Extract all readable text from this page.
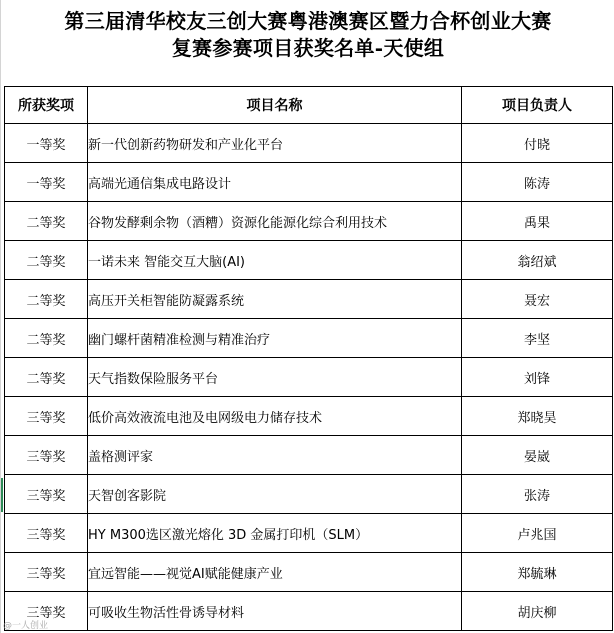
第三届清华校友三创大赛粤港澳赛区暨力合杯创业大赛
复赛参赛项目获奖名单-天使组
所获奖项	项目名称	项目负责人
一等奖	新一代创新药物研发和产业化平台	付晓
一等奖	高端光通信集成电路设计	陈涛
二等奖	谷物发酵剩余物（酒糟）资源化能源化综合利用技术	禹果
二等奖	一诺未来 智能交互大脑(AI)	翁绍斌
二等奖	高压开关柜智能防凝露系统	聂宏
二等奖	幽门螺杆菌精准检测与精准治疗	李坚
二等奖	天气指数保险服务平台	刘锋
三等奖	低价高效液流电池及电网级电力储存技术	郑晓昊
三等奖	盖格测评家	晏崴
三等奖	天智创客影院	张涛
三等奖	HY M300选区激光熔化 3D 金属打印机（SLM）	卢兆国
三等奖	宜远智能——视觉AI赋能健康产业	郑毓琳
三等奖	可吸收生物活性骨诱导材料	胡庆柳
@一人创业
